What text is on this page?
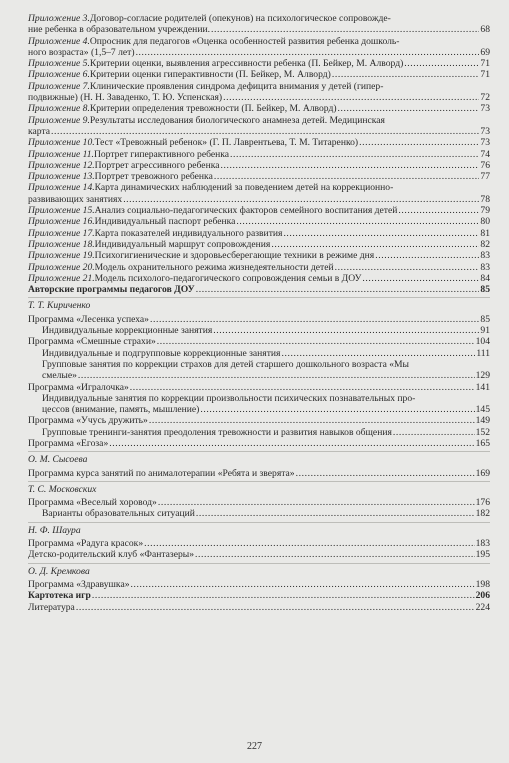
Приложение 3. Договор-согласие родителей (опекунов) на психологическое сопровожде-
ние ребенка в образовательном учреждении. .....	68
Приложение 4. Опросник для педагогов «Оценка особенностей развития ребенка дошколь-
ного возраста» (1,5–7 лет) .....	69
Приложение 5. Критерии оценки, выявления агрессивности ребенка (П. Бейкер, М. Алворд) .....	71
Приложение 6. Критерии оценки гиперактивности (П. Бейкер, М. Алворд) .....	71
Приложение 7. Клинические проявления синдрома дефицита внимания у детей (гипер-
подвижные) (Н. Н. Заваденко, Т. Ю. Успенская) .....	72
Приложение 8. Критерии определения тревожности (П. Бейкер, М. Алворд) .....	73
Приложение 9. Результаты исследования биологического анамнеза детей. Медицинская
карта .....	73
Приложение 10. Тест «Тревожный ребенок» (Г. П. Лаврентьева, Т. М. Титаренко) .....	73
Приложение 11. Портрет гиперактивного ребенка .....	74
Приложение 12. Портрет агрессивного ребенка .....	76
Приложение 13. Портрет тревожного ребенка .....	77
Приложение 14. Карта динамических наблюдений за поведением детей на коррекционно-
развивающих занятиях .....	78
Приложение 15. Анализ социально-педагогических факторов семейного воспитания детей .....	79
Приложение 16. Индивидуальный паспорт ребенка .....	80
Приложение 17. Карта показателей индивидуального развития .....	81
Приложение 18. Индивидуальный маршрут сопровождения .....	82
Приложение 19. Психогигиенические и здоровьесберегающие техники в режиме дня .....	83
Приложение 20. Модель охранительного режима жизнедеятельности детей .....	83
Приложение 21. Модель психолого-педагогического сопровождения семьи в ДОУ .....	84
Авторские программы педагогов ДОУ .....	85
Т. Т. Кириченко
Программа «Лесенка успеха» .....	85
Индивидуальные коррекционные занятия .....	91
Программа «Смешные страхи» .....	104
Индивидуальные и подгрупповые коррекционные занятия .....	111
Групповые занятия по коррекции страхов для детей старшего дошкольного возраста «Мы
смелые» .....	129
Программа «Игралочка» .....	141
Индивидуальные занятия по коррекции произвольности психических познавательных про-
цессов (внимание, память, мышление) .....	145
Программа «Учусь дружить» .....	149
Групповые тренинги-занятия преодоления тревожности и развития навыков общения .....	152
Программа «Егоза» .....	165
О. М. Сысоева
Программа курса занятий по анималотерапии «Ребята и зверята» .....	169
Т. С. Московских
Программа «Веселый хоровод» .....	176
Варианты образовательных ситуаций .....	182
Н. Ф. Шаура
Программа «Радуга красок» .....	183
Детско-родительский клуб «Фантазеры» .....	195
О. Д. Кремкова
Программа «Здравушка» .....	198
Картотека игр .....	206
Литература .....	224
227
